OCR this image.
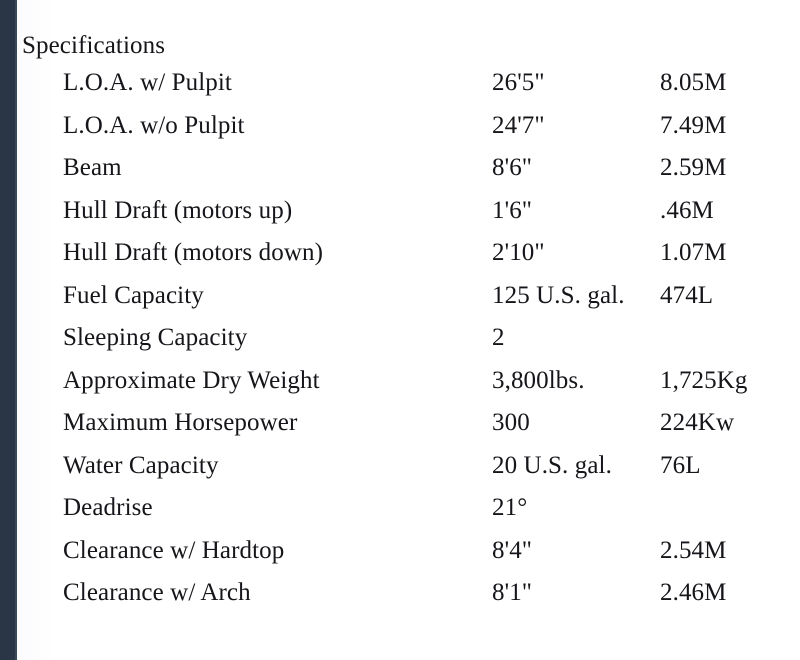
Specifications
L.O.A. w/ Pulpit	26'5"	8.05M
L.O.A. w/o Pulpit	24'7"	7.49M
Beam	8'6"	2.59M
Hull Draft (motors up)	1'6"	.46M
Hull Draft (motors down)	2'10"	1.07M
Fuel Capacity	125 U.S. gal.	474L
Sleeping Capacity	2	
Approximate Dry Weight	3,800lbs.	1,725Kg
Maximum Horsepower	300	224Kw
Water Capacity	20 U.S. gal.	76L
Deadrise	21°	
Clearance w/ Hardtop	8'4"	2.54M
Clearance w/ Arch	8'1"	2.46M
